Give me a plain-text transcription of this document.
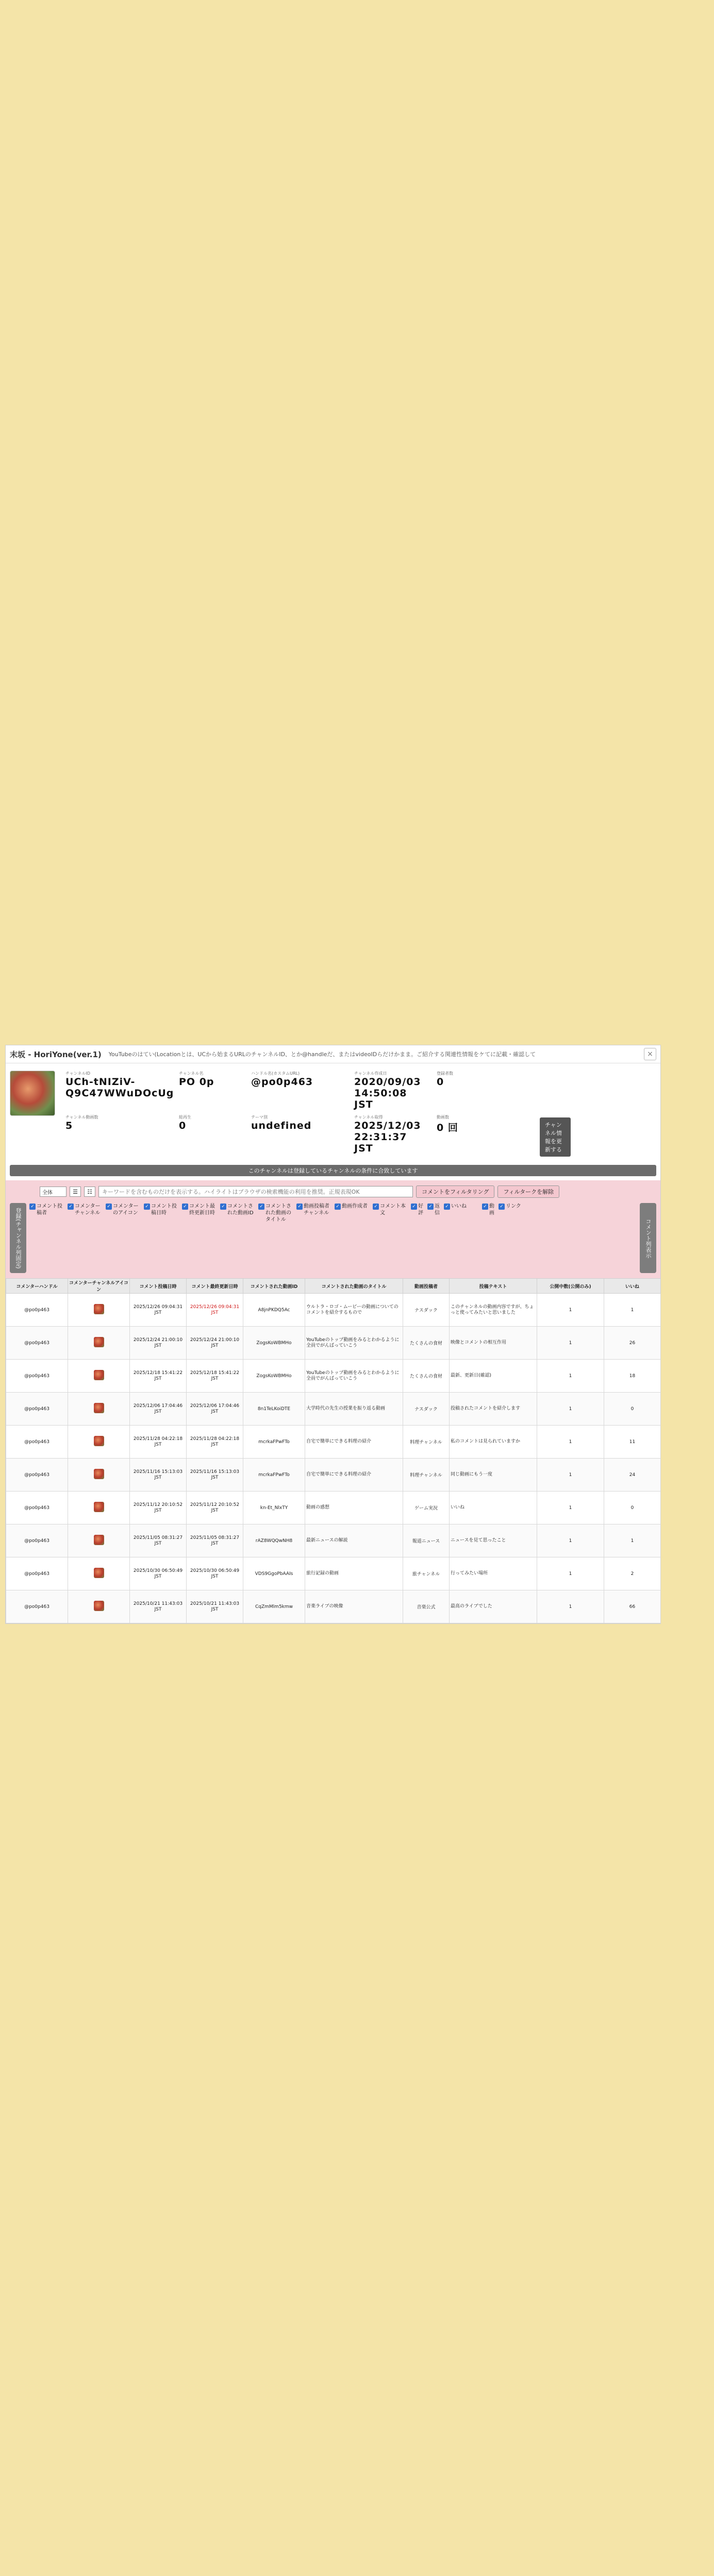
末坂 - HoriYone(ver.1) YouTubeのはてい(Locationとは、UCから始まるURLのチャンネルID、とか@handleだ、またはvideoIDらだけかまま。ご紹介する関連性情報をケてに記載・確認して	×
チャンネルID
UCh-tNIZiV-Q9C47WWuDOcUg
チャンネル名
PO 0p
ハンドル名(カスタムURL)
@po0p463
チャンネル作成日
2020/09/03 14:50:08 JST
登録者数
0
チャンネル動画数
5
総再生
0
テーマ別
undefined
チャンネル取得
2025/12/03 22:31:37 JST
動画数
0 回	チャンネル情報を更新する
このチャンネルは登録しているチャンネルの条件に合致しています
全体	☰	☷
キーワードを含むものだけを表示する。ハイライトはブラウザの検索機能の利用を推奨。正規表現OK	コメントをフィルタリング	フィルタークを解除
登録(チャンネル列固定)
✓ コメント投稿者
✓ コメンター チャンネル
✓ コメンターのアイコン
✓ コメント投稿日時
✓ コメント最終更新日時
✓ コメントされた動画ID
✓ コメントされた動画のタイトル
✓ 動画投稿者チャンネル
✓ 動画作成者	✓ コメント本文
✓ 好評
✓ 返信
✓ いいね	✓ 動画
✓ リンク
コメント列表示
コメンターハンドル	コメンターチャンネルアイコン	コメント投稿日時	コメント最終更新日時	コメントされた動画ID	コメントされた動画のタイトル	動画投稿者	投稿テキスト	公開中数(公開のみ)	いいね
@po0p463		2025/12/26 09:04:31 JST	2025/12/26 09:04:31 JST	A8jnPKDQ5Ac	ウルトラ・ロゴ・ムービーの動画についてのコメントを紹介するもので	ナスダック	このチャンネルの動画内容ですが、ちょっと使ってみたいと思いました	1	1
@po0p463		2025/12/24 21:00:10 JST	2025/12/24 21:00:10 JST	ZogsKoWBMHo	YouTubeのトップ動画をみるとわかるように全員でがんばっていこう	たくさんの食材	映像とコメントの相互作用	1	26
@po0p463		2025/12/18 15:41:22 JST	2025/12/18 15:41:22 JST	ZogsKoWBMHo	YouTubeのトップ動画をみるとわかるように全員でがんばっていこう	たくさんの食材	最新、更新日(確認)	1	18
@po0p463		2025/12/06 17:04:46 JST	2025/12/06 17:04:46 JST	8n1TeLKoiDTE	大学時代の先生の授業を振り返る動画	ナスダック	投稿されたコメントを紹介します	1	0
@po0p463		2025/11/28 04:22:18 JST	2025/11/28 04:22:18 JST	mcrkaFPwFTo	自宅で簡単にできる料理の紹介	料理チャンネル	私のコメントは見られていますか	1	11
@po0p463		2025/11/16 15:13:03 JST	2025/11/16 15:13:03 JST	mcrkaFPwFTo	自宅で簡単にできる料理の紹介	料理チャンネル	同じ動画にもう一度	1	24
@po0p463		2025/11/12 20:10:52 JST	2025/11/12 20:10:52 JST	kn-Et_NlxTY	動画の感想	ゲーム実況	いいね	1	0
@po0p463		2025/11/05 08:31:27 JST	2025/11/05 08:31:27 JST	rAZ8WQQwNH8	最新ニュースの解説	報道ニュース	ニュースを見て思ったこと	1	1
@po0p463		2025/10/30 06:50:49 JST	2025/10/30 06:50:49 JST	VDS9GgoPbAAIs	旅行記録の動画	旅チャンネル	行ってみたい場所	1	2
@po0p463		2025/10/21 11:43:03 JST	2025/10/21 11:43:03 JST	CqZmMlm5kmw	音楽ライブの映像	音楽公式	最高のライブでした	1	66
